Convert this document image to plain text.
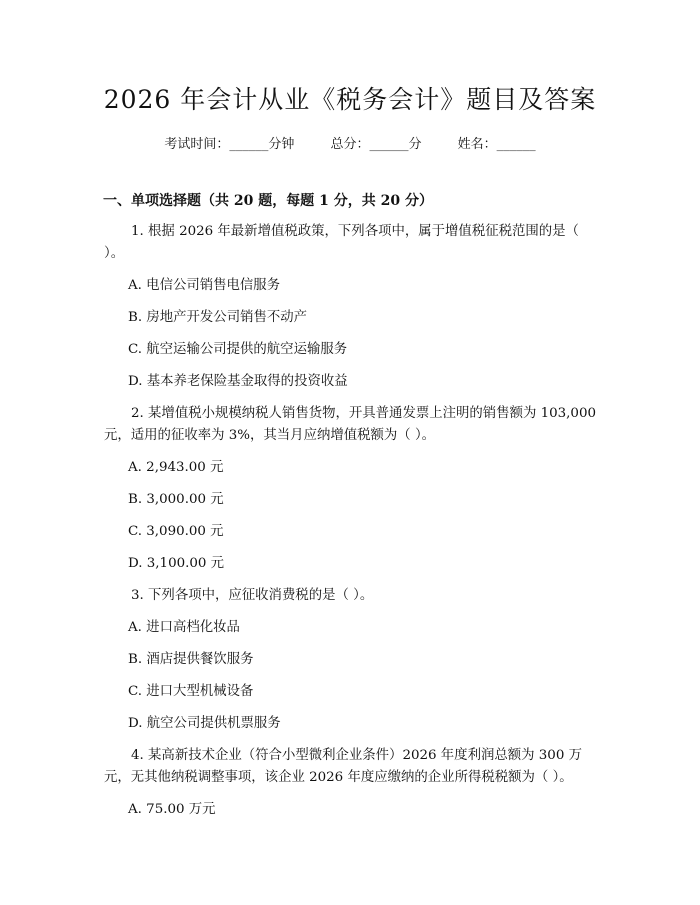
2026 年会计从业《税务会计》题目及答案
考试时间：______分钟	总分：______分	姓名：______
一、单项选择题（共 20 题，每题 1 分，共 20 分）

1. 根据 2026 年最新增值税政策，下列各项中，属于增值税征税范围的是（ ）。

A. 电信公司销售电信服务

B. 房地产开发公司销售不动产

C. 航空运输公司提供的航空运输服务

D. 基本养老保险基金取得的投资收益

2. 某增值税小规模纳税人销售货物，开具普通发票上注明的销售额为 103,000 元，适用的征收率为 3%，其当月应纳增值税额为（ ）。

A. 2,943.00 元

B. 3,000.00 元

C. 3,090.00 元

D. 3,100.00 元

3. 下列各项中，应征收消费税的是（ ）。

A. 进口高档化妆品

B. 酒店提供餐饮服务

C. 进口大型机械设备

D. 航空公司提供机票服务

4. 某高新技术企业（符合小型微利企业条件）2026 年度利润总额为 300 万元，无其他纳税调整事项，该企业 2026 年度应缴纳的企业所得税税额为（ ）。

A. 75.00 万元
